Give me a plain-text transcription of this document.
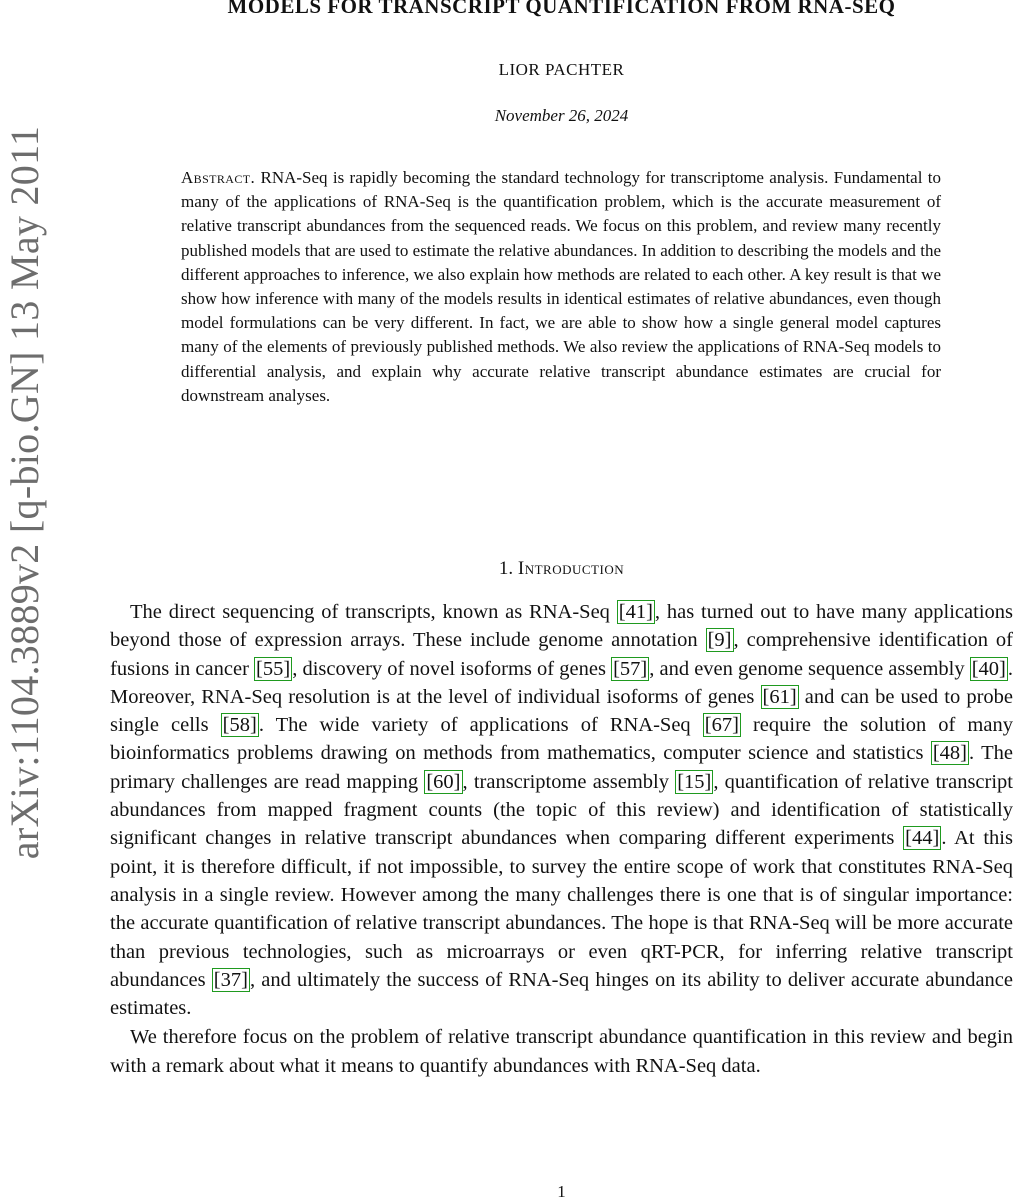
arXiv:1104.3889v2 [q-bio.GN] 13 May 2011
MODELS FOR TRANSCRIPT QUANTIFICATION FROM RNA-SEQ
LIOR PACHTER
November 26, 2024
Abstract. RNA-Seq is rapidly becoming the standard technology for transcriptome analysis. Fundamental to many of the applications of RNA-Seq is the quantification problem, which is the accurate measurement of relative transcript abundances from the sequenced reads. We focus on this problem, and review many recently published models that are used to estimate the relative abundances. In addition to describing the models and the different approaches to inference, we also explain how methods are related to each other. A key result is that we show how inference with many of the models results in identical estimates of relative abundances, even though model formulations can be very different. In fact, we are able to show how a single general model captures many of the elements of previously published methods. We also review the applications of RNA-Seq models to differential analysis, and explain why accurate relative transcript abundance estimates are crucial for downstream analyses.
1. Introduction

The direct sequencing of transcripts, known as RNA-Seq [41], has turned out to have many applications beyond those of expression arrays. These include genome annotation [9], comprehensive identification of fusions in cancer [55], discovery of novel isoforms of genes [57], and even genome sequence assembly [40]. Moreover, RNA-Seq resolution is at the level of individual isoforms of genes [61] and can be used to probe single cells [58]. The wide variety of applications of RNA-Seq [67] require the solution of many bioinformatics problems drawing on methods from mathematics, computer science and statistics [48]. The primary challenges are read mapping [60], transcriptome assembly [15], quantification of relative transcript abundances from mapped fragment counts (the topic of this review) and identification of statistically significant changes in relative transcript abundances when comparing different experiments [44]. At this point, it is therefore difficult, if not impossible, to survey the entire scope of work that constitutes RNA-Seq analysis in a single review. However among the many challenges there is one that is of singular importance: the accurate quantification of relative transcript abundances. The hope is that RNA-Seq will be more accurate than previous technologies, such as microarrays or even qRT-PCR, for inferring relative transcript abundances [37], and ultimately the success of RNA-Seq hinges on its ability to deliver accurate abundance estimates.

We therefore focus on the problem of relative transcript abundance quantification in this review and begin with a remark about what it means to quantify abundances with RNA-Seq data.

1
